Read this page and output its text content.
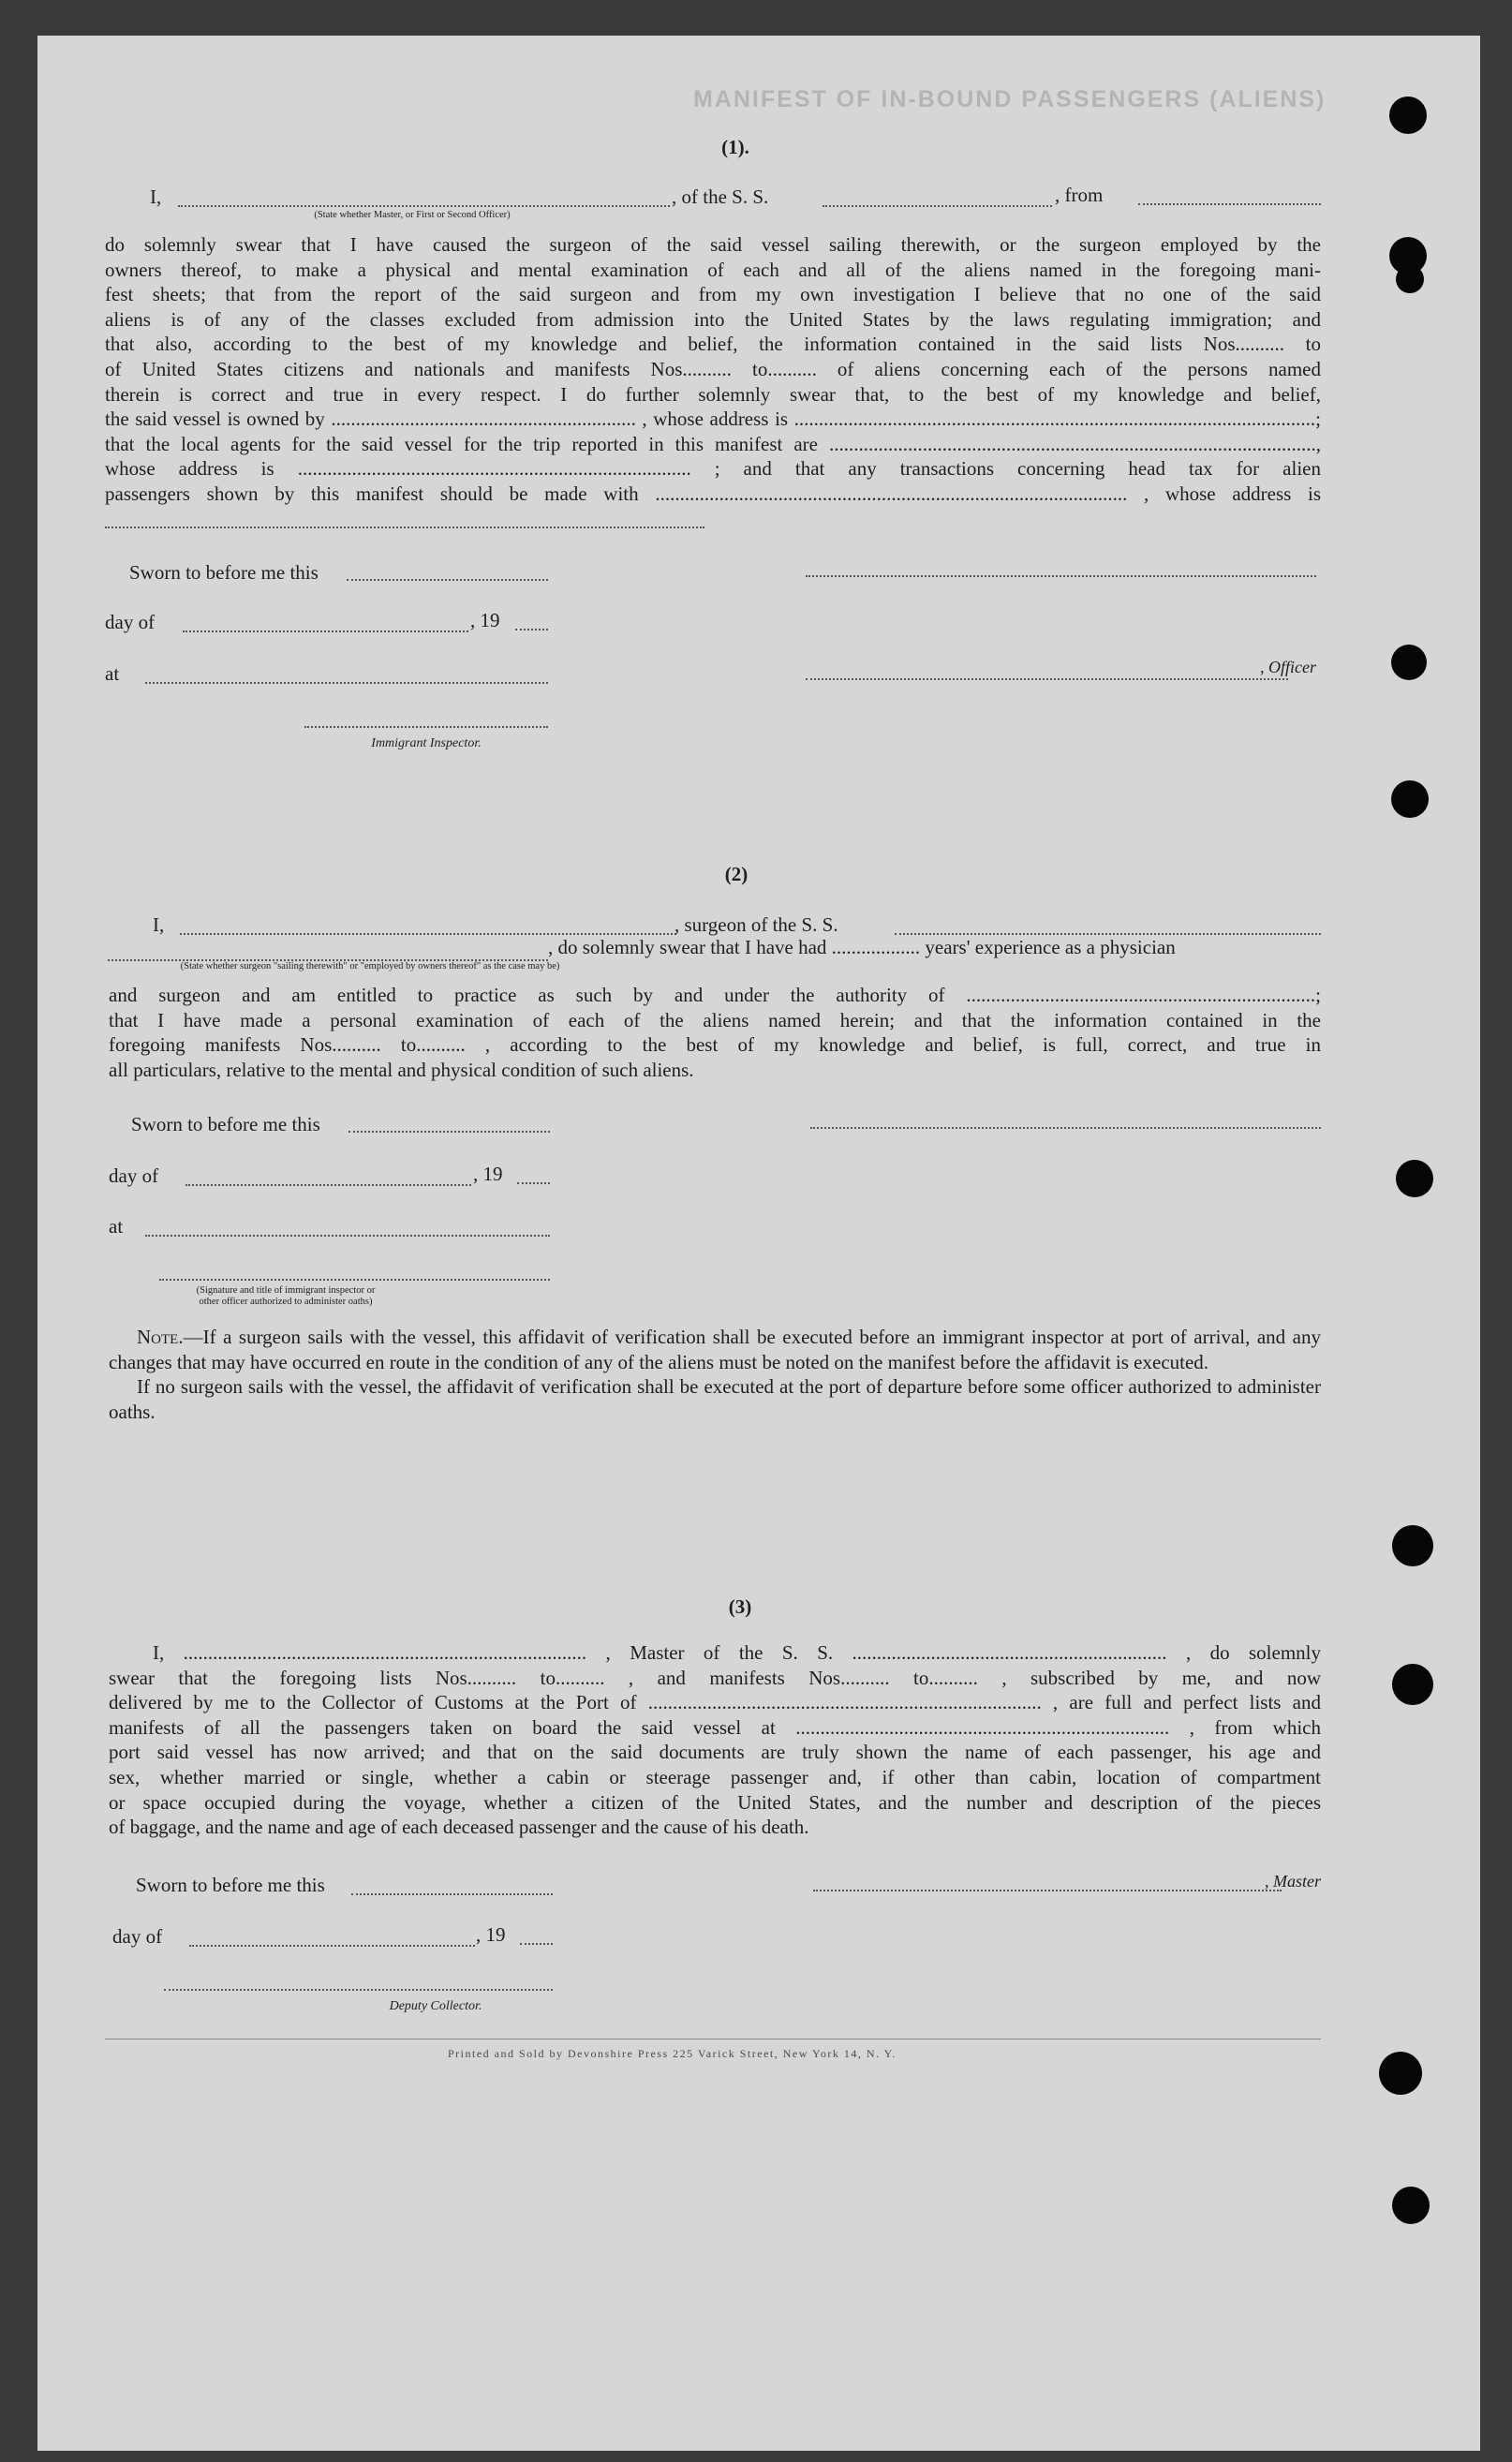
MANIFEST OF IN-BOUND PASSENGERS (ALIENS)
(1).
I,	, of the S. S.	, from
(State whether Master, or First or Second Officer)

do solemnly swear that I have caused the surgeon of the said vessel sailing therewith, or the surgeon employed by the

owners thereof, to make a physical and mental examination of each and all of the aliens named in the foregoing mani-

fest sheets; that from the report of the said surgeon and from my own investigation I believe that no one of the said

aliens is of any of the classes excluded from admission into the United States by the laws regulating immigration; and

that also, according to the best of my knowledge and belief, the information contained in the said lists Nos.......... to

of United States citizens and nationals and manifests Nos.......... to.......... of aliens concerning each of the persons named

therein is correct and true in every respect. I do further solemnly swear that, to the best of my knowledge and belief,

the said vessel is owned by .............................................................. , whose address is ..........................................................................................................;

that the local agents for the said vessel for the trip reported in this manifest are ...................................................................................................,

whose address is ................................................................................ ; and that any transactions concerning head tax for alien

passengers shown by this manifest should be made with ................................................................................................ , whose address is

Sworn to before me this
day of	, 19
at	, Officer
Immigrant Inspector.
(2)
I,	, surgeon of the S. S.
, do solemnly swear that I have had .................. years' experience as a physician
(State whether surgeon "sailing therewith" or "employed by owners thereof" as the case may be)

and surgeon and am entitled to practice as such by and under the authority of .......................................................................;

that I have made a personal examination of each of the aliens named herein; and that the information contained in the

foregoing manifests Nos.......... to.......... , according to the best of my knowledge and belief, is full, correct, and true in

all particulars, relative to the mental and physical condition of such aliens.

Sworn to before me this
day of	, 19
at
(Signature and title of immigrant inspector or other officer authorized to administer oaths)

Note.—If a surgeon sails with the vessel, this affidavit of verification shall be executed before an immigrant inspector at port of arrival, and any changes that may have occurred en route in the condition of any of the aliens must be noted on the manifest before the affidavit is executed.

If no surgeon sails with the vessel, the affidavit of verification shall be executed at the port of departure before some officer authorized to administer oaths.

(3)

I, .................................................................................. , Master of the S. S. ................................................................ , do solemnly

swear that the foregoing lists Nos.......... to.......... , and manifests Nos.......... to.......... , subscribed by me, and now

delivered by me to the Collector of Customs at the Port of ................................................................................ , are full and perfect lists and

manifests of all the passengers taken on board the said vessel at ............................................................................ , from which

port said vessel has now arrived; and that on the said documents are truly shown the name of each passenger, his age and

sex, whether married or single, whether a cabin or steerage passenger and, if other than cabin, location of compartment

or space occupied during the voyage, whether a citizen of the United States, and the number and description of the pieces

of baggage, and the name and age of each deceased passenger and the cause of his death.

Sworn to before me this	, Master
day of	, 19
Deputy Collector.
Printed and Sold by Devonshire Press 225 Varick Street, New York 14, N. Y.
